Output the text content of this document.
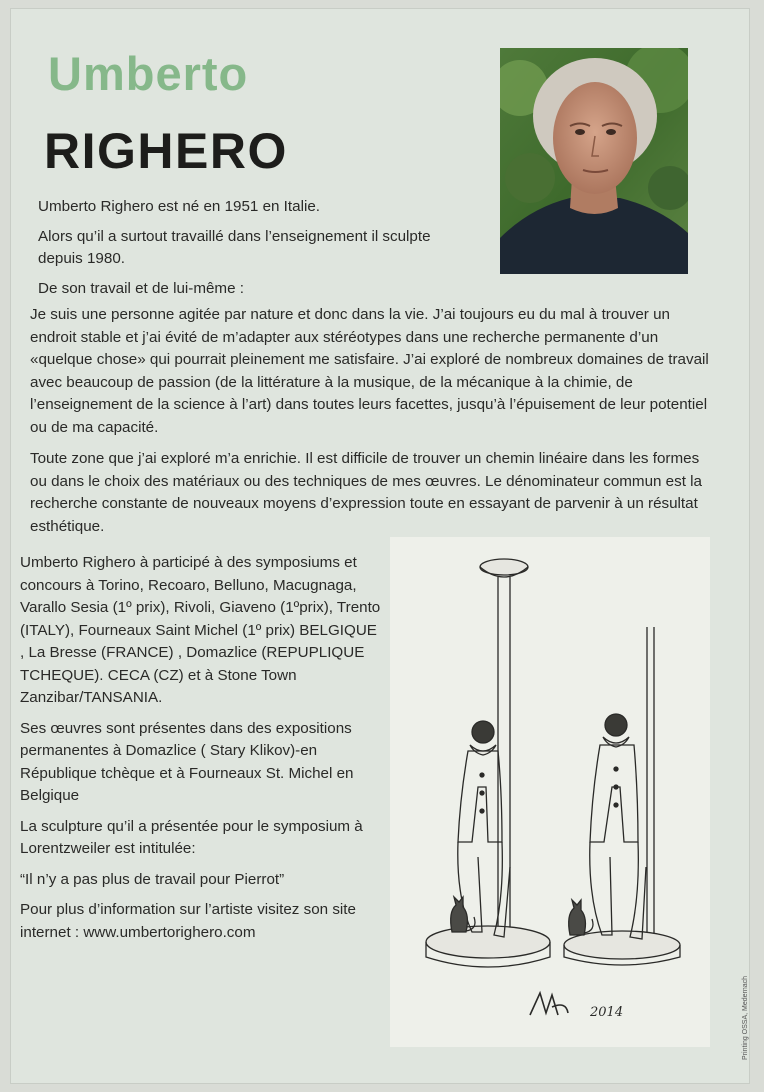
Umberto
RIGHERO

Umberto Righero est né en 1951 en Italie.

Alors qu’il a surtout travaillé dans l’enseignement il sculpte depuis 1980.

De son travail et de lui-même :

Je suis une personne agitée par nature et donc dans la vie. J’ai toujours eu du mal à trouver un endroit stable et j’ai évité de m’adapter aux stéréotypes dans une recherche permanente d’un «quelque chose» qui pourrait pleinement me satisfaire. J’ai exploré de nombreux domaines de travail avec beaucoup de passion (de la littérature à la musique, de la mécanique à la chimie, de l’enseignement de la science à l’art) dans toutes leurs facettes, jusqu’à l’épuisement de leur potentiel ou de ma capacité.

Toute zone que j’ai exploré m’a enrichie. Il est difficile de trouver un chemin linéaire dans les formes ou dans le choix des matériaux ou des techniques de mes œuvres. Le dénominateur commun est la recherche constante de nouveaux moyens d’expression toute en essayant de parvenir à un résultat esthétique.

Umberto Righero à participé à des symposiums et concours à Torino, Recoaro, Belluno, Macugnaga, Varallo Sesia (1º prix), Rivoli, Giaveno (1ºprix), Trento (ITALY), Fourneaux Saint Michel (1º prix) BELGIQUE , La Bresse (FRANCE) , Domazlice (REPUPLIQUE TCHEQUE). CECA (CZ) et à Stone Town Zanzibar/TANSANIA.

Ses œuvres sont présentes dans des expositions permanentes à Domazlice ( Stary Klikov)-en République tchèque et à Fourneaux St. Michel en Belgique

La sculpture qu’il a présentée pour le symposium à Lorentzweiler est intitulée:

“Il n’y a pas plus de travail pour Pierrot”

Pour plus d’information sur l’artiste visitez son site internet : www.umbertorighero.com

2014	Printing OSSA, Medernach
